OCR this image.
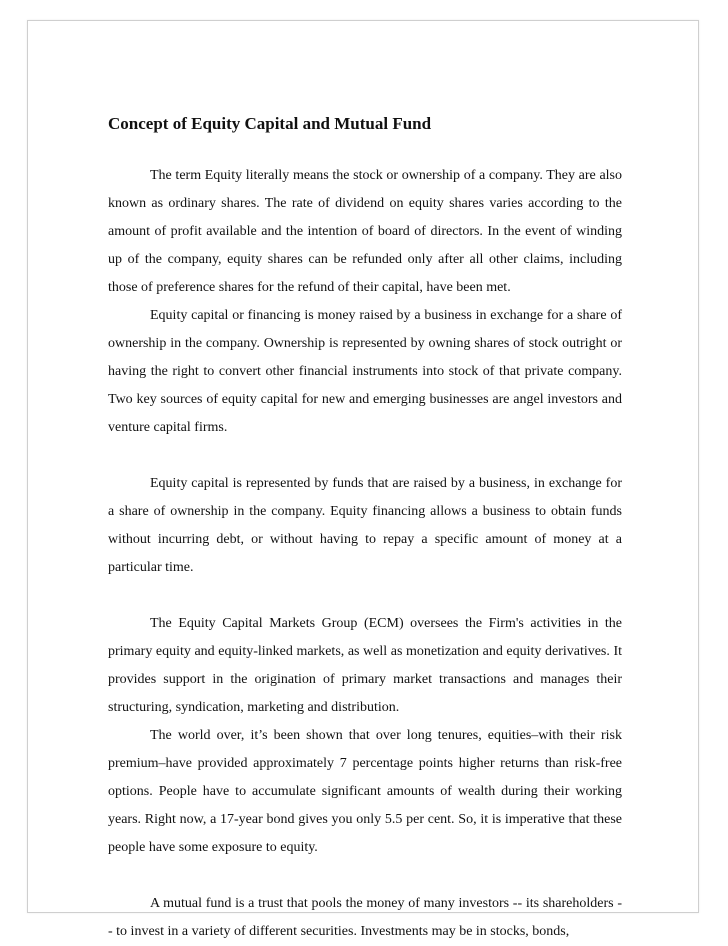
Concept of Equity Capital and Mutual Fund

The term Equity literally means the stock or ownership of a company. They are also known as ordinary shares. The rate of dividend on equity shares varies according to the amount of profit available and the intention of board of directors. In the event of winding up of the company, equity shares can be refunded only after all other claims, including those of preference shares for the refund of their capital, have been met.

Equity capital or financing is money raised by a business in exchange for a share of ownership in the company. Ownership is represented by owning shares of stock outright or having the right to convert other financial instruments into stock of that private company. Two key sources of equity capital for new and emerging businesses are angel investors and venture capital firms.

Equity capital is represented by funds that are raised by a business, in exchange for a share of ownership in the company. Equity financing allows a business to obtain funds without incurring debt, or without having to repay a specific amount of money at a particular time.

The Equity Capital Markets Group (ECM) oversees the Firm's activities in the primary equity and equity-linked markets, as well as monetization and equity derivatives. It provides support in the origination of primary market transactions and manages their structuring, syndication, marketing and distribution.

The world over, it’s been shown that over long tenures, equities–with their risk premium–have provided approximately 7 percentage points higher returns than risk-free options. People have to accumulate significant amounts of wealth during their working years. Right now, a 17-year bond gives you only 5.5 per cent. So, it is imperative that these people have some exposure to equity.

A mutual fund is a trust that pools the money of many investors -- its shareholders -- to invest in a variety of different securities. Investments may be in stocks, bonds,
